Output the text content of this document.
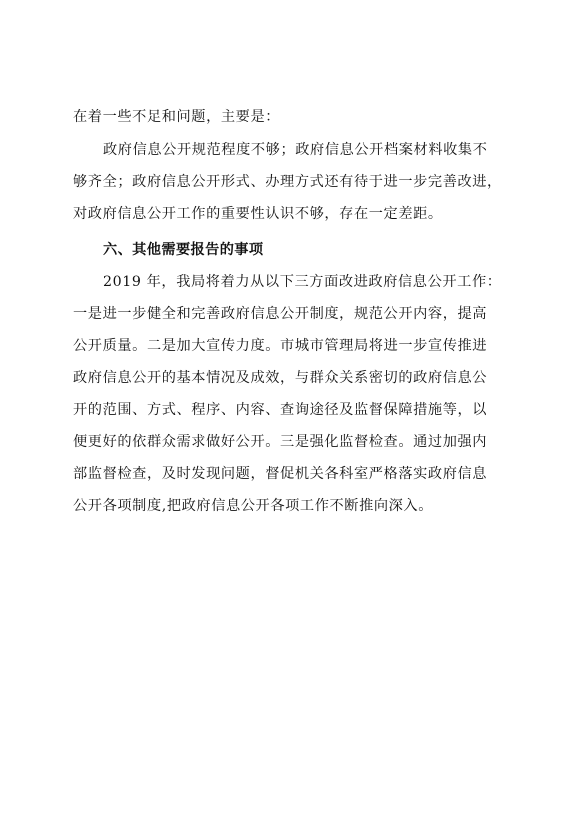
在着一些不足和问题，主要是：
政府信息公开规范程度不够；政府信息公开档案材料收集不
够齐全；政府信息公开形式、办理方式还有待于进一步完善改进，
对政府信息公开工作的重要性认识不够，存在一定差距。
六、其他需要报告的事项
2019 年，我局将着力从以下三方面改进政府信息公开工作：
一是进一步健全和完善政府信息公开制度，规范公开内容，提高
公开质量。二是加大宣传力度。市城市管理局将进一步宣传推进
政府信息公开的基本情况及成效，与群众关系密切的政府信息公
开的范围、方式、程序、内容、查询途径及监督保障措施等，以
便更好的依群众需求做好公开。三是强化监督检查。通过加强内
部监督检查，及时发现问题，督促机关各科室严格落实政府信息
公开各项制度,把政府信息公开各项工作不断推向深入。
